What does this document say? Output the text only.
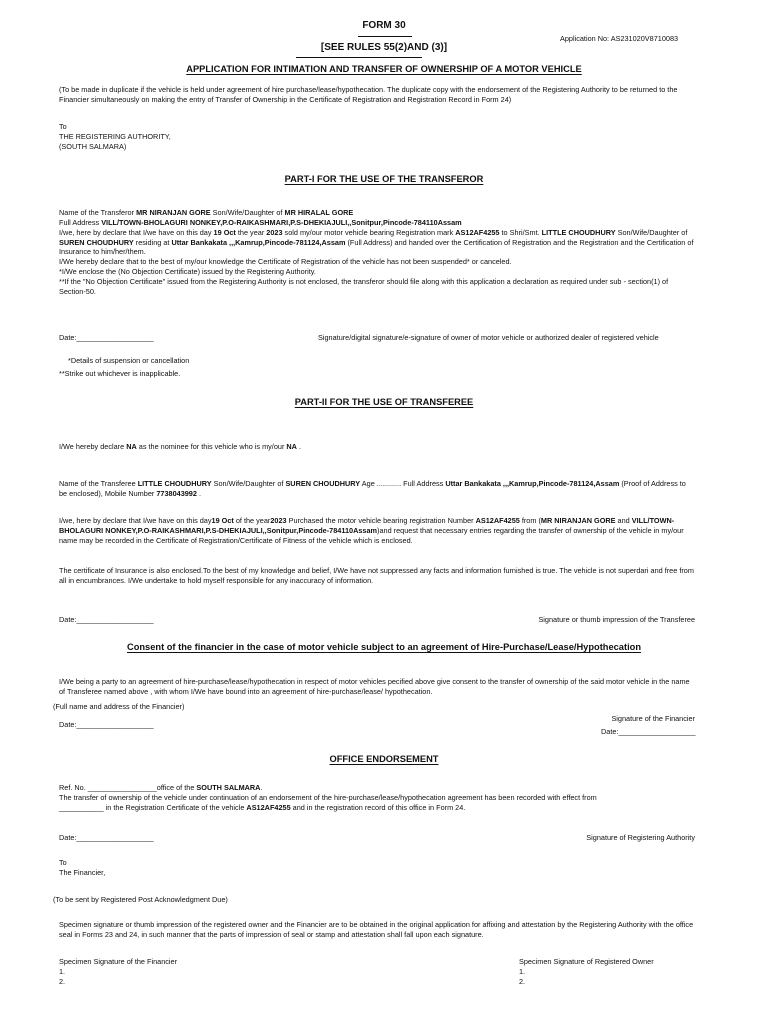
FORM 30
[SEE RULES 55(2)AND (3)]
Application No: AS231020V8710083
APPLICATION FOR INTIMATION AND TRANSFER OF OWNERSHIP OF A MOTOR VEHICLE
(To be made in duplicate if the vehicle is held under agreement of hire purchase/lease/hypothecation. The duplicate copy with the endorsement of the Registering Authority to be returned to the Financier simultaneously on making the entry of Transfer of Ownership in the Certificate of Registration and Registration Record in Form 24)

To

THE REGISTERING AUTHORITY,

(SOUTH SALMARA)

PART-I FOR THE USE OF THE TRANSFEROR

Name of the Transferor MR NIRANJAN GORE Son/Wife/Daughter of MR HIRALAL GORE

Full Address VILL/TOWN-BHOLAGURI NONKEY,P.O-RAIKASHMARI,P.S-DHEKIAJULI,,Sonitpur,Pincode-784110Assam

I/we, here by declare that I/we have on this day 19 Oct the year 2023 sold my/our motor vehicle bearing Registration mark AS12AF4255 to Shri/Smt. LITTLE CHOUDHURY Son/Wife/Daughter of SUREN CHOUDHURY residing at Uttar Bankakata ,,,Kamrup,Pincode-781124,Assam (Full Address) and handed over the Certification of Registration and the Registration and the Certification of Insurance to him/her/them.

I/We hereby declare that to the best of my/our knowledge the Certificate of Registration of the vehicle has not been suspended* or canceled.

*I/We enclose the (No Objection Certificate) issued by the Registering Authority.

**If the "No Objection Certificate" issued from the Registering Authority is not enclosed, the transferor should file along with this application a declaration as required under sub - section(1) of Section-50.

Date:___________________	Signature/digital signature/e-signature of owner of motor vehicle or authorized dealer of registered vehicle
*Details of suspension or cancellation
**Strike out whichever is inapplicable.
PART-II FOR THE USE OF TRANSFEREE
I/We hereby declare NA as the nominee for this vehicle who is my/our NA .
Name of the Transferee LITTLE CHOUDHURY Son/Wife/Daughter of SUREN CHOUDHURY Age ............ Full Address Uttar Bankakata ,,,Kamrup,Pincode-781124,Assam (Proof of Address to be enclosed), Mobile Number 7738043992 .
I/we, here by declare that I/we have on this day19 Oct of the year2023 Purchased the motor vehicle bearing registration Number AS12AF4255 from (MR NIRANJAN GORE and VILL/TOWN-BHOLAGURI NONKEY,P.O-RAIKASHMARI,P.S-DHEKIAJULI,,Sonitpur,Pincode-784110Assam)and request that necessary entries regarding the transfer of ownership of the vehicle in my/our name may be recorded in the Certificate of Registration/Certificate of Fitness of the vehicle which is enclosed.
The certificate of Insurance is also enclosed.To the best of my knowledge and belief, I/We have not suppressed any facts and information furnished is true. The vehicle is not superdari and free from all in encumbrances. I/We undertake to hold myself responsible for any inaccuracy of information.
Date:___________________	Signature or thumb impression of the Transferee
Consent of the financier in the case of motor vehicle subject to an agreement of Hire-Purchase/Lease/Hypothecation
I/We being a party to an agreement of hire-purchase/lease/hypothecation in respect of motor vehicles pecified above give consent to the transfer of ownership of the said motor vehicle in the name of Transferee named above , with whom I/We have bound into an agreement of hire-purchase/lease/ hypothecation.
(Full name and address of the Financier)
Date:___________________
Signature of the Financier
Date:___________________
OFFICE ENDORSEMENT

Ref. No. _________________office of the SOUTH SALMARA.

The transfer of ownership of the vehicle under continuation of an endorsement of the hire-purchase/lease/hypothecation agreement has been recorded with effect from

___________ in the Registration Certificate of the vehicle AS12AF4255 and in the registration record of this office in Form 24.

Date:___________________	Signature of Registering Authority

To

The Financier,

(To be sent by Registered Post Acknowledgment Due)
Specimen signature or thumb impression of the registered owner and the Financier are to be obtained in the original application for affixing and attestation by the Registering Authority with the office seal in Forms 23 and 24, in such manner that the parts of impression of seal or stamp and attestation shall fall upon each signature.

Specimen Signature of the Financier

1.

2.

Specimen Signature of Registered Owner

1.

2.
